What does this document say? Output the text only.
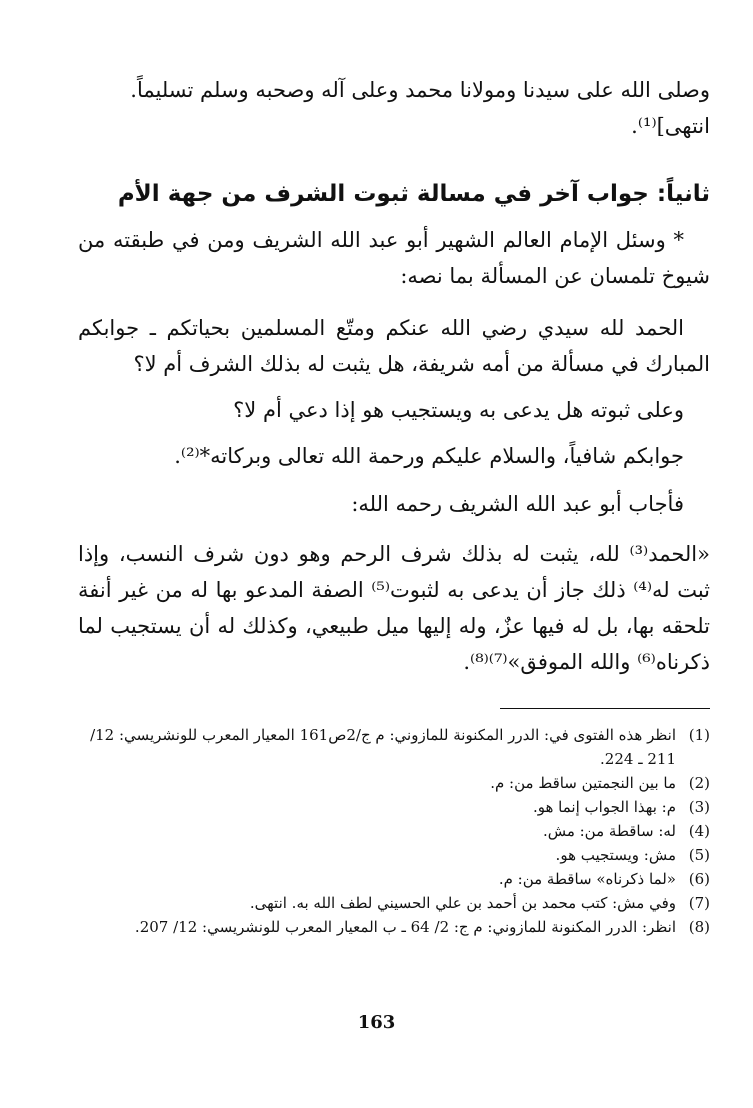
وصلى الله على سيدنا ومولانا محمد وعلى آله وصحبه وسلم تسليماً.

انتهى]⁽¹⁾.

ثانياً: جواب آخر في مسالة ثبوت الشرف من جهة الأم

* وسئل الإمام العالم الشهير أبو عبد الله الشريف ومن في طبقته من شيوخ تلمسان عن المسألة بما نصه:

الحمد لله سيدي رضي الله عنكم ومتّع المسلمين بحياتكم ـ جوابكم المبارك في مسألة من أمه شريفة، هل يثبت له بذلك الشرف أم لا؟

وعلى ثبوته هل يدعى به ويستجيب هو إذا دعي أم لا؟

جوابكم شافياً، والسلام عليكم ورحمة الله تعالى وبركاته*⁽²⁾.

فأجاب أبو عبد الله الشريف رحمه الله:

«الحمد⁽³⁾ لله، يثبت له بذلك شرف الرحم وهو دون شرف النسب، وإذا ثبت له⁽⁴⁾ ذلك جاز أن يدعى به لثبوت⁽⁵⁾ الصفة المدعو بها له من غير أنفة تلحقه بها، بل له فيها عزٌ، وله إليها ميل طبيعي، وكذلك له أن يستجيب لما ذكرناه⁽⁶⁾ والله الموفق»⁽⁷⁾⁽⁸⁾.

(1)
انظر هذه الفتوى في: الدرر المكنونة للمازوني: م ج/2ص161 المعيار المعرب للونشريسي: 12/ 211 ـ 224.
(2)
ما بين النجمتين ساقط من: م.
(3)
م: بهذا الجواب إنما هو.
(4)
له: ساقطة من: مش.
(5)
مش: ويستجيب هو.
(6)
«لما ذكرناه» ساقطة من: م.
(7)
وفي مش: كتب محمد بن أحمد بن علي الحسيني لطف الله به. انتهى.
(8)
انظر: الدرر المكنونة للمازوني: م ج: 2/ 64 ـ ب المعيار المعرب للونشريسي: 12/ 207.
163
